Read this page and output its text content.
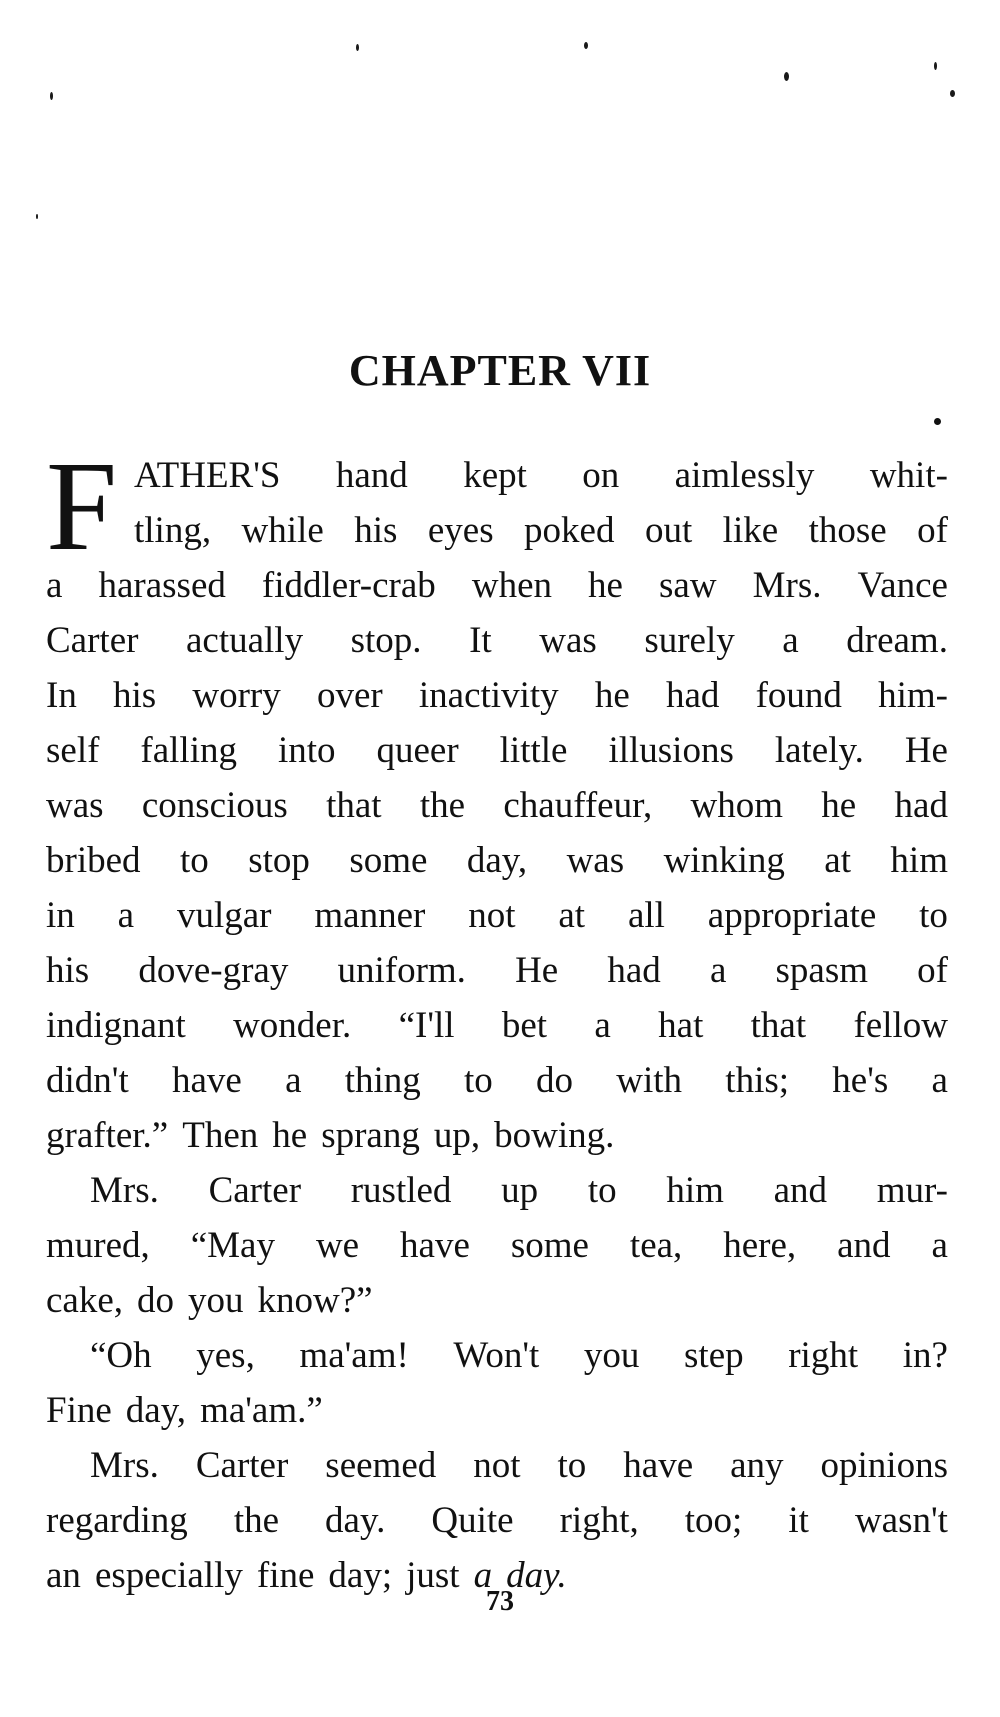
CHAPTER VII
F ATHER'S hand kept on aimlessly whit-
tling, while his eyes poked out like those of
a harassed fiddler-crab when he saw Mrs. Vance
Carter actually stop. It was surely a dream.
In his worry over inactivity he had found him-
self falling into queer little illusions lately. He
was conscious that the chauffeur, whom he had
bribed to stop some day, was winking at him
in a vulgar manner not at all appropriate to
his dove-gray uniform. He had a spasm of
indignant wonder. “I'll bet a hat that fellow
didn't have a thing to do with this; he's a
grafter.” Then he sprang up, bowing.
Mrs. Carter rustled up to him and mur-
mured, “May we have some tea, here, and a
cake, do you know?”
“Oh yes, ma'am! Won't you step right in?
Fine day, ma'am.”
Mrs. Carter seemed not to have any opinions
regarding the day. Quite right, too; it wasn't
an especially fine day; just a day.
73
